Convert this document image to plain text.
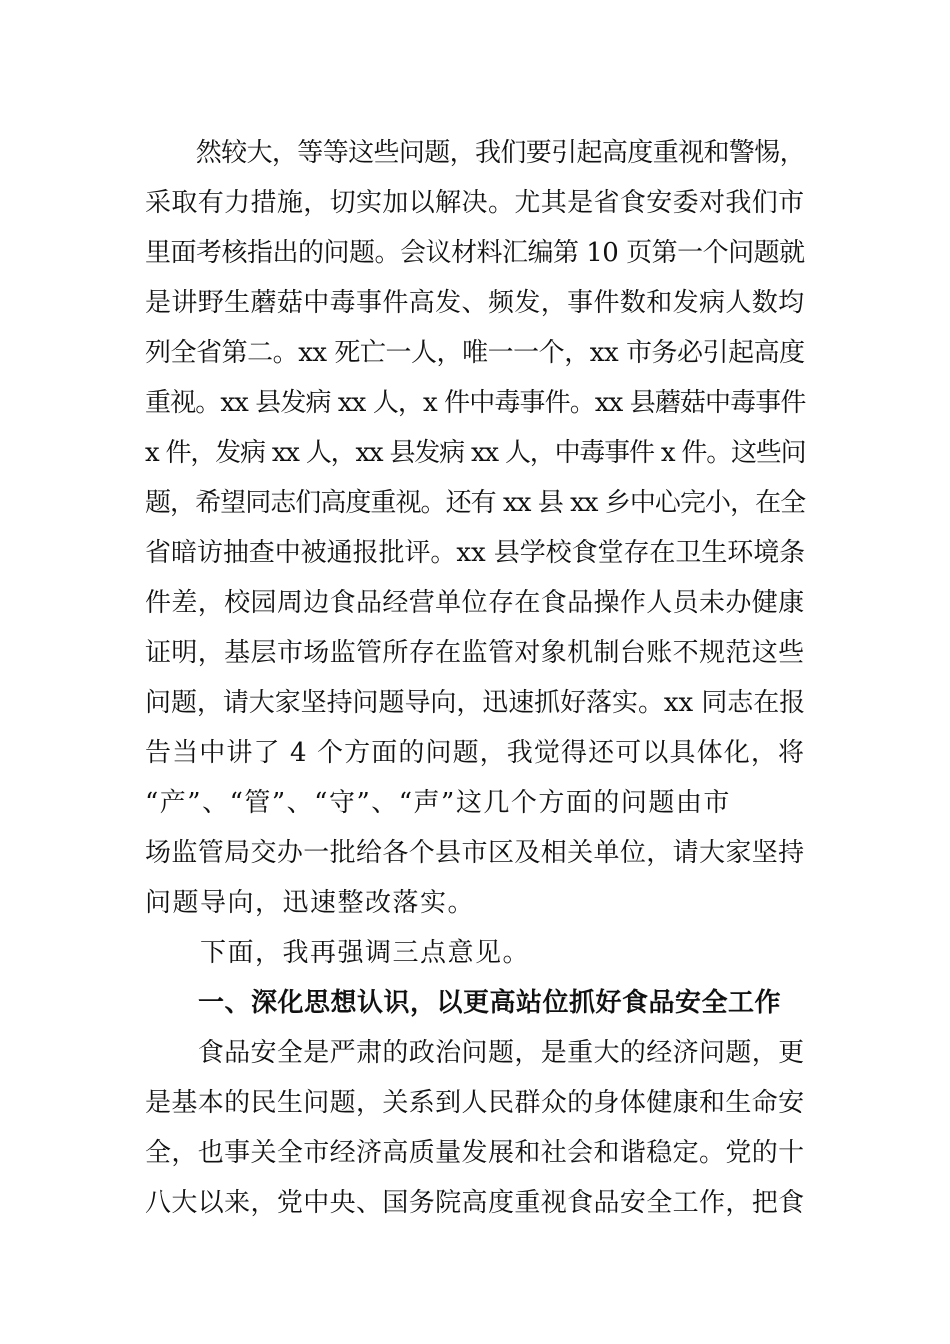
　　然较大，等等这些问题，我们要引起高度重视和警惕，
采取有力措施，切实加以解决。尤其是省食安委对我们市
里面考核指出的问题。会议材料汇编第 10 页第一个问题就
是讲野生蘑菇中毒事件高发、频发，事件数和发病人数均
列全省第二。xx 死亡一人，唯一一个，xx 市务必引起高度
重视。xx 县发病 xx 人，x 件中毒事件。xx 县蘑菇中毒事件
x 件，发病 xx 人，xx 县发病 xx 人，中毒事件 x 件。这些问
题，希望同志们高度重视。还有 xx 县 xx 乡中心完小，在全
省暗访抽查中被通报批评。xx 县学校食堂存在卫生环境条
件差，校园周边食品经营单位存在食品操作人员未办健康
证明，基层市场监管所存在监管对象机制台账不规范这些
问题，请大家坚持问题导向，迅速抓好落实。xx 同志在报
告当中讲了 4 个方面的问题，我觉得还可以具体化，将
“产”、“管”、“守”、“声”这几个方面的问题由市
场监管局交办一批给各个县市区及相关单位，请大家坚持
问题导向，迅速整改落实。
　　下面，我再强调三点意见。
　　一、深化思想认识，以更高站位抓好食品安全工作
　　食品安全是严肃的政治问题，是重大的经济问题，更
是基本的民生问题，关系到人民群众的身体健康和生命安
全，也事关全市经济高质量发展和社会和谐稳定。党的十
八大以来，党中央、国务院高度重视食品安全工作，把食
